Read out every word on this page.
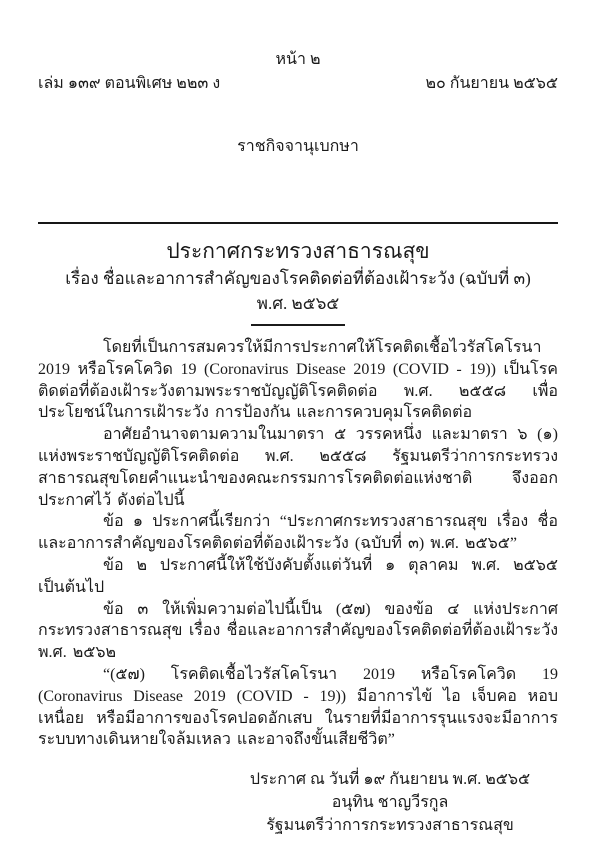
หน้า ๒

เล่ม ๑๓๙ ตอนพิเศษ ๒๒๓ ง

ราชกิจจานุเบกษา

๒๐ กันยายน ๒๕๖๕

ประกาศกระทรวงสาธารณสุข
เรื่อง ชื่อและอาการสำคัญของโรคติดต่อที่ต้องเฝ้าระวัง (ฉบับที่ ๓)
พ.ศ. ๒๕๖๕

โดยที่เป็นการสมควรให้มีการประกาศให้โรคติดเชื้อไวรัสโคโรนา 2019 หรือโรคโควิด 19 (Coronavirus Disease 2019 (COVID - 19)) เป็นโรคติดต่อที่ต้องเฝ้าระวังตามพระราชบัญญัติโรคติดต่อ พ.ศ. ๒๕๕๘ เพื่อประโยชน์ในการเฝ้าระวัง การป้องกัน และการควบคุมโรคติดต่อ

อาศัยอำนาจตามความในมาตรา ๕ วรรคหนึ่ง และมาตรา ๖ (๑) แห่งพระราชบัญญัติโรคติดต่อ พ.ศ. ๒๕๕๘ รัฐมนตรีว่าการกระทรวงสาธารณสุขโดยคำแนะนำของคณะกรรมการโรคติดต่อแห่งชาติ จึงออกประกาศไว้ ดังต่อไปนี้

ข้อ ๑ ประกาศนี้เรียกว่า “ประกาศกระทรวงสาธารณสุข เรื่อง ชื่อและอาการสำคัญของโรคติดต่อที่ต้องเฝ้าระวัง (ฉบับที่ ๓) พ.ศ. ๒๕๖๕”

ข้อ ๒ ประกาศนี้ให้ใช้บังคับตั้งแต่วันที่ ๑ ตุลาคม พ.ศ. ๒๕๖๕ เป็นต้นไป

ข้อ ๓ ให้เพิ่มความต่อไปนี้เป็น (๕๗) ของข้อ ๔ แห่งประกาศกระทรวงสาธารณสุข เรื่อง ชื่อและอาการสำคัญของโรคติดต่อที่ต้องเฝ้าระวัง พ.ศ. ๒๕๖๒

“(๕๗) โรคติดเชื้อไวรัสโคโรนา 2019 หรือโรคโควิด 19 (Coronavirus Disease 2019 (COVID - 19)) มีอาการไข้ ไอ เจ็บคอ หอบเหนื่อย หรือมีอาการของโรคปอดอักเสบ ในรายที่มีอาการรุนแรงจะมีอาการระบบทางเดินหายใจล้มเหลว และอาจถึงขั้นเสียชีวิต”

ประกาศ ณ วันที่ ๑๙ กันยายน พ.ศ. ๒๕๖๕
อนุทิน ชาญวีรกูล
รัฐมนตรีว่าการกระทรวงสาธารณสุข
